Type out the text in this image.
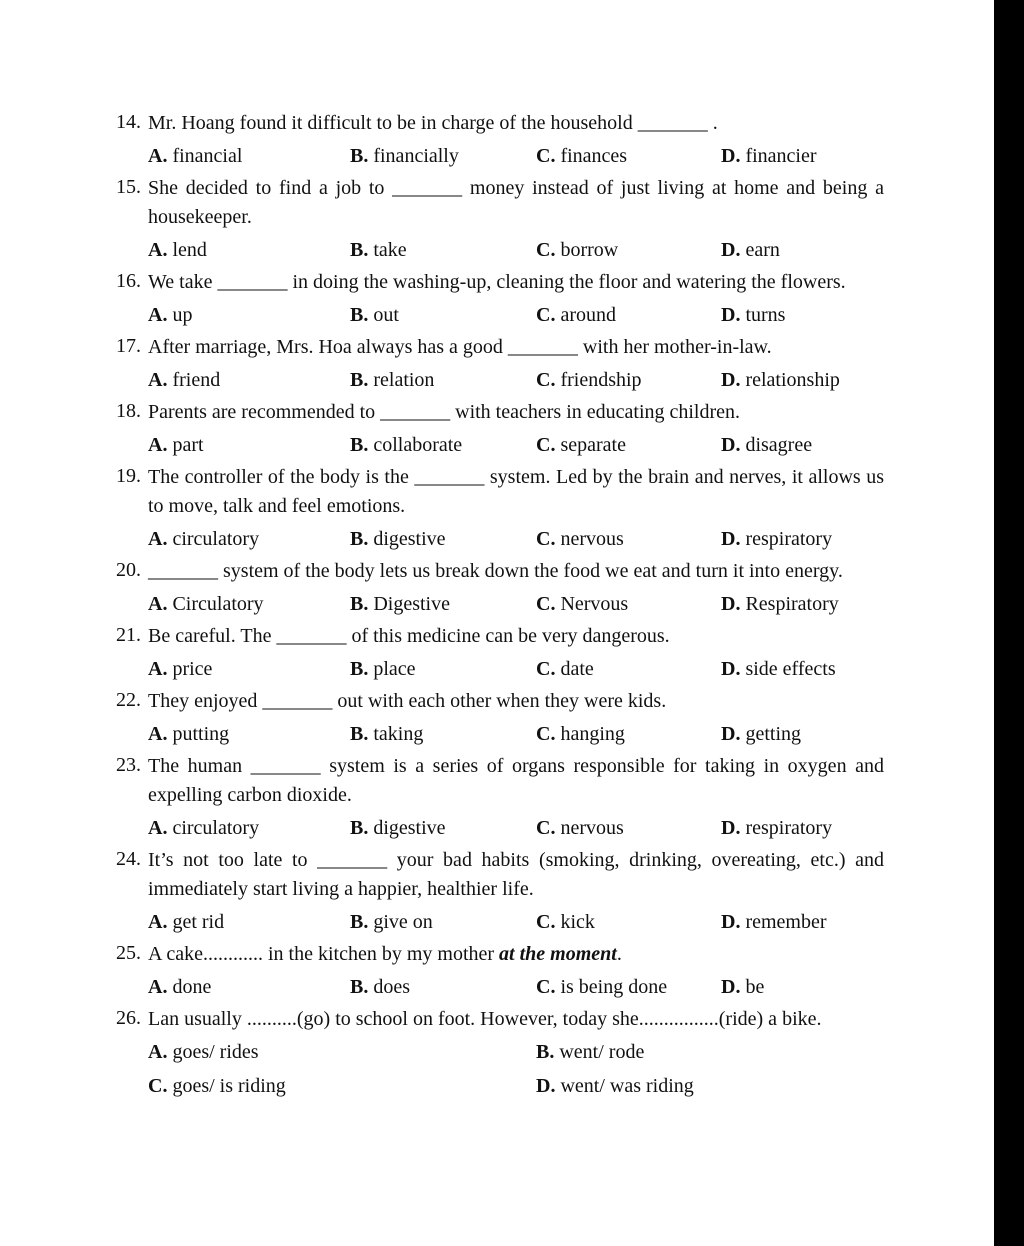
14. Mr. Hoang found it difficult to be in charge of the household _______ .
A. financial	B. financially	C. finances	D. financier
15. She decided to find a job to _______ money instead of just living at home and being a housekeeper.
A. lend	B. take	C. borrow	D. earn
16. We take _______ in doing the washing-up, cleaning the floor and watering the flowers.
A. up	B. out	C. around	D. turns
17. After marriage, Mrs. Hoa always has a good _______ with her mother-in-law.
A. friend	B. relation	C. friendship	D. relationship
18. Parents are recommended to _______ with teachers in educating children.
A. part	B. collaborate	C. separate	D. disagree
19. The controller of the body is the _______ system. Led by the brain and nerves, it allows us to move, talk and feel emotions.
A. circulatory	B. digestive	C. nervous	D. respiratory
20. _______ system of the body lets us break down the food we eat and turn it into energy.
A. Circulatory	B. Digestive	C. Nervous	D. Respiratory
21. Be careful. The _______ of this medicine can be very dangerous.
A. price	B. place	C. date	D. side effects
22. They enjoyed _______ out with each other when they were kids.
A. putting	B. taking	C. hanging	D. getting
23. The human _______ system is a series of organs responsible for taking in oxygen and expelling carbon dioxide.
A. circulatory	B. digestive	C. nervous	D. respiratory
24. It’s not too late to _______ your bad habits (smoking, drinking, overeating, etc.) and immediately start living a happier, healthier life.
A. get rid	B. give on	C. kick	D. remember
25. A cake............ in the kitchen by my mother at the moment.
A. done	B. does	C. is being done	D. be
26. Lan usually ..........(go) to school on foot. However, today she................(ride) a bike.
A. goes/ rides	B. went/ rode
C. goes/ is riding	D. went/ was riding
